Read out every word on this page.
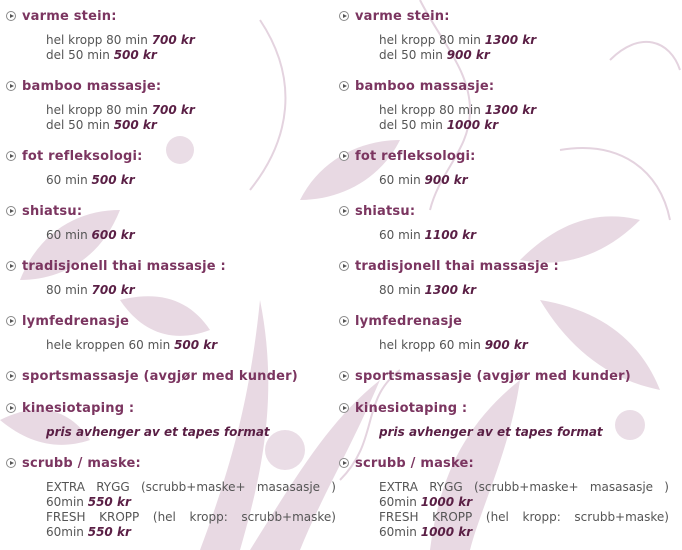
varme stein:
hel kropp 80 min 700 kr
del 50 min 500 kr
bamboo massasje:
hel kropp 80 min 700 kr
del 50 min 500 kr
fot refleksologi:
60 min 500 kr
shiatsu:
60 min 600 kr
tradisjonell thai massasje :
80 min 700 kr
lymfedrenasje
hele kroppen 60 min 500 kr
sportsmassasje (avgjør med kunder)
kinesiotaping :
pris avhenger av et tapes format
scrubb / maske:
EXTRA RYGG (scrubb+maske+ masasasje )
60min 550 kr
FRESH KROPP (hel kropp: scrubb+maske)
60min 550 kr
varme stein:
hel kropp 80 min 1300 kr
del 50 min 900 kr
bamboo massasje:
hel kropp 80 min 1300 kr
del 50 min 1000 kr
fot refleksologi:
60 min 900 kr
shiatsu:
60 min 1100 kr
tradisjonell thai massasje :
80 min 1300 kr
lymfedrenasje
hel kropp 60 min 900 kr
sportsmassasje (avgjør med kunder)
kinesiotaping :
pris avhenger av et tapes format
scrubb / maske:
EXTRA RYGG (scrubb+maske+ masasasje )
60min 1000 kr
FRESH KROPP (hel kropp: scrubb+maske)
60min 1000 kr
